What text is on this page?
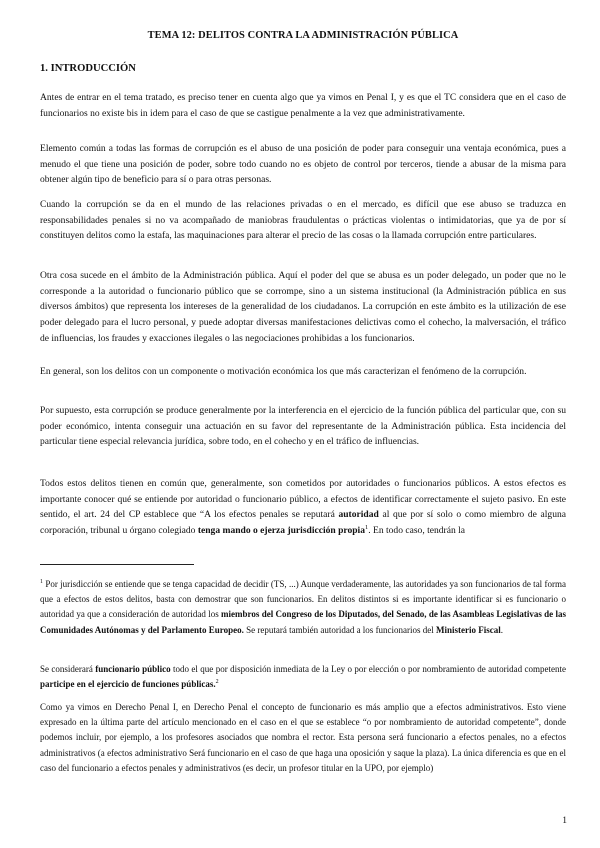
TEMA 12: DELITOS CONTRA LA ADMINISTRACIÓN PÚBLICA
1. INTRODUCCIÓN

Antes de entrar en el tema tratado, es preciso tener en cuenta algo que ya vimos en Penal I, y es que el TC considera que en el caso de funcionarios no existe bis in idem para el caso de que se castigue penalmente a la vez que administrativamente.

Elemento común a todas las formas de corrupción es el abuso de una posición de poder para conseguir una ventaja económica, pues a menudo el que tiene una posición de poder, sobre todo cuando no es objeto de control por terceros, tiende a abusar de la misma para obtener algún tipo de beneficio para sí o para otras personas.

Cuando la corrupción se da en el mundo de las relaciones privadas o en el mercado, es difícil que ese abuso se traduzca en responsabilidades penales si no va acompañado de maniobras fraudulentas o prácticas violentas o intimidatorias, que ya de por sí constituyen delitos como la estafa, las maquinaciones para alterar el precio de las cosas o la llamada corrupción entre particulares.

Otra cosa sucede en el ámbito de la Administración pública. Aquí el poder del que se abusa es un poder delegado, un poder que no le corresponde a la autoridad o funcionario público que se corrompe, sino a un sistema institucional (la Administración pública en sus diversos ámbitos) que representa los intereses de la generalidad de los ciudadanos. La corrupción en este ámbito es la utilización de ese poder delegado para el lucro personal, y puede adoptar diversas manifestaciones delictivas como el cohecho, la malversación, el tráfico de influencias, los fraudes y exacciones ilegales o las negociaciones prohibidas a los funcionarios.

En general, son los delitos con un componente o motivación económica los que más caracterizan el fenómeno de la corrupción.

Por supuesto, esta corrupción se produce generalmente por la interferencia en el ejercicio de la función pública del particular que, con su poder económico, intenta conseguir una actuación en su favor del representante de la Administración pública. Esta incidencia del particular tiene especial relevancia jurídica, sobre todo, en el cohecho y en el tráfico de influencias.

Todos estos delitos tienen en común que, generalmente, son cometidos por autoridades o funcionarios públicos. A estos efectos es importante conocer qué se entiende por autoridad o funcionario público, a efectos de identificar correctamente el sujeto pasivo. En este sentido, el art. 24 del CP establece que “A los efectos penales se reputará autoridad al que por sí solo o como miembro de alguna corporación, tribunal u órgano colegiado tenga mando o ejerza jurisdicción propia$^1$. En todo caso, tendrán la

$^1$ Por jurisdicción se entiende que se tenga capacidad de decidir (TS, ...) Aunque verdaderamente, las autoridades ya son funcionarios de tal forma que a efectos de estos delitos, basta con demostrar que son funcionarios. En delitos distintos si es importante identificar si es funcionario o autoridad ya que a consideración de autoridad los miembros del Congreso de los Diputados, del Senado, de las Asambleas Legislativas de las Comunidades Autónomas y del Parlamento Europeo. Se reputará también autoridad a los funcionarios del Ministerio Fiscal.

Se considerará funcionario público todo el que por disposición inmediata de la Ley o por elección o por nombramiento de autoridad competente participe en el ejercicio de funciones públicas.$^2$

Como ya vimos en Derecho Penal I, en Derecho Penal el concepto de funcionario es más amplio que a efectos administrativos. Esto viene expresado en la última parte del artículo mencionado en el caso en el que se establece “o por nombramiento de autoridad competente”, donde podemos incluir, por ejemplo, a los profesores asociados que nombra el rector. Esta persona será funcionario a efectos penales, no a efectos administrativos (a efectos administrativo Será funcionario en el caso de que haga una oposición y saque la plaza). La única diferencia es que en el caso del funcionario a efectos penales y administrativos (es decir, un profesor titular en la UPO, por ejemplo)

1
